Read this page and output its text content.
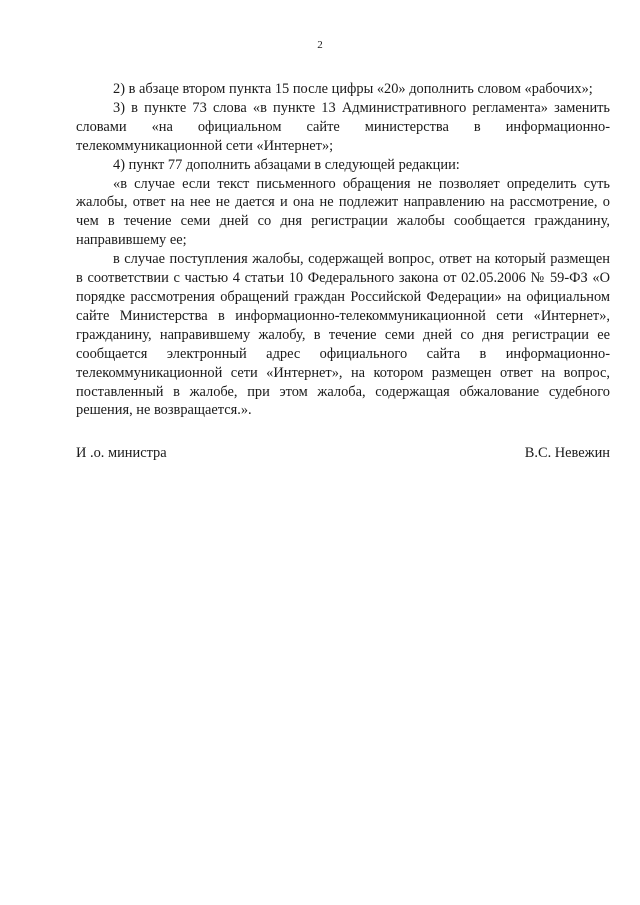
2

2) в абзаце втором пункта 15 после цифры «20» дополнить словом «рабочих»;

3) в пункте 73 слова «в пункте 13 Административного регламента» заменить словами «на официальном сайте министерства в информационно-телекоммуникационной сети «Интернет»;

4) пункт 77 дополнить абзацами в следующей редакции:

«в случае если текст письменного обращения не позволяет определить суть жалобы, ответ на нее не дается и она не подлежит направлению на рассмотрение, о чем в течение семи дней со дня регистрации жалобы сообщается гражданину, направившему ее;

в случае поступления жалобы, содержащей вопрос, ответ на который размещен в соответствии с частью 4 статьи 10 Федерального закона от 02.05.2006 № 59-ФЗ «О порядке рассмотрения обращений граждан Российской Федерации» на официальном сайте Министерства в информационно-телекоммуникационной сети «Интернет», гражданину, направившему жалобу, в течение семи дней со дня регистрации ее сообщается электронный адрес официального сайта в информационно-телекоммуникационной сети «Интернет», на котором размещен ответ на вопрос, поставленный в жалобе, при этом жалоба, содержащая обжалование судебного решения, не возвращается.».

И .о. министра	В.С. Невежин
